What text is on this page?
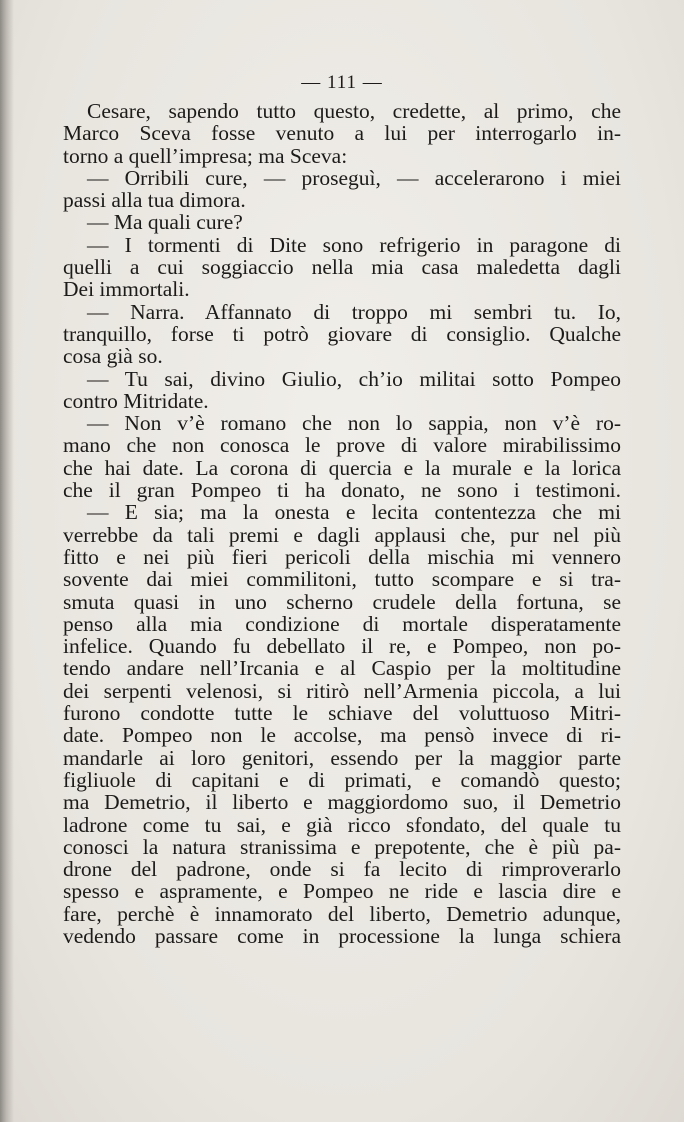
— 111 —
Cesare, sapendo tutto questo, credette, al primo, che
Marco Sceva fosse venuto a lui per interrogarlo in-
torno a quell’impresa; ma Sceva:
— Orribili cure, — proseguì, — accelerarono i miei
passi alla tua dimora.
— Ma quali cure?
— I tormenti di Dite sono refrigerio in paragone di
quelli a cui soggiaccio nella mia casa maledetta dagli
Dei immortali.
— Narra. Affannato di troppo mi sembri tu. Io,
tranquillo, forse ti potrò giovare di consiglio. Qualche
cosa già so.
— Tu sai, divino Giulio, ch’io militai sotto Pompeo
contro Mitridate.
— Non v’è romano che non lo sappia, non v’è ro-
mano che non conosca le prove di valore mirabilissimo
che hai date. La corona di quercia e la murale e la lorica
che il gran Pompeo ti ha donato, ne sono i testimoni.
— E sia; ma la onesta e lecita contentezza che mi
verrebbe da tali premi e dagli applausi che, pur nel più
fitto e nei più fieri pericoli della mischia mi vennero
sovente dai miei commilitoni, tutto scompare e si tra-
smuta quasi in uno scherno crudele della fortuna, se
penso alla mia condizione di mortale disperatamente
infelice. Quando fu debellato il re, e Pompeo, non po-
tendo andare nell’Ircania e al Caspio per la moltitudine
dei serpenti velenosi, si ritirò nell’Armenia piccola, a lui
furono condotte tutte le schiave del voluttuoso Mitri-
date. Pompeo non le accolse, ma pensò invece di ri-
mandarle ai loro genitori, essendo per la maggior parte
figliuole di capitani e di primati, e comandò questo;
ma Demetrio, il liberto e maggiordomo suo, il Demetrio
ladrone come tu sai, e già ricco sfondato, del quale tu
conosci la natura stranissima e prepotente, che è più pa-
drone del padrone, onde si fa lecito di rimproverarlo
spesso e aspramente, e Pompeo ne ride e lascia dire e
fare, perchè è innamorato del liberto, Demetrio adunque,
vedendo passare come in processione la lunga schiera
